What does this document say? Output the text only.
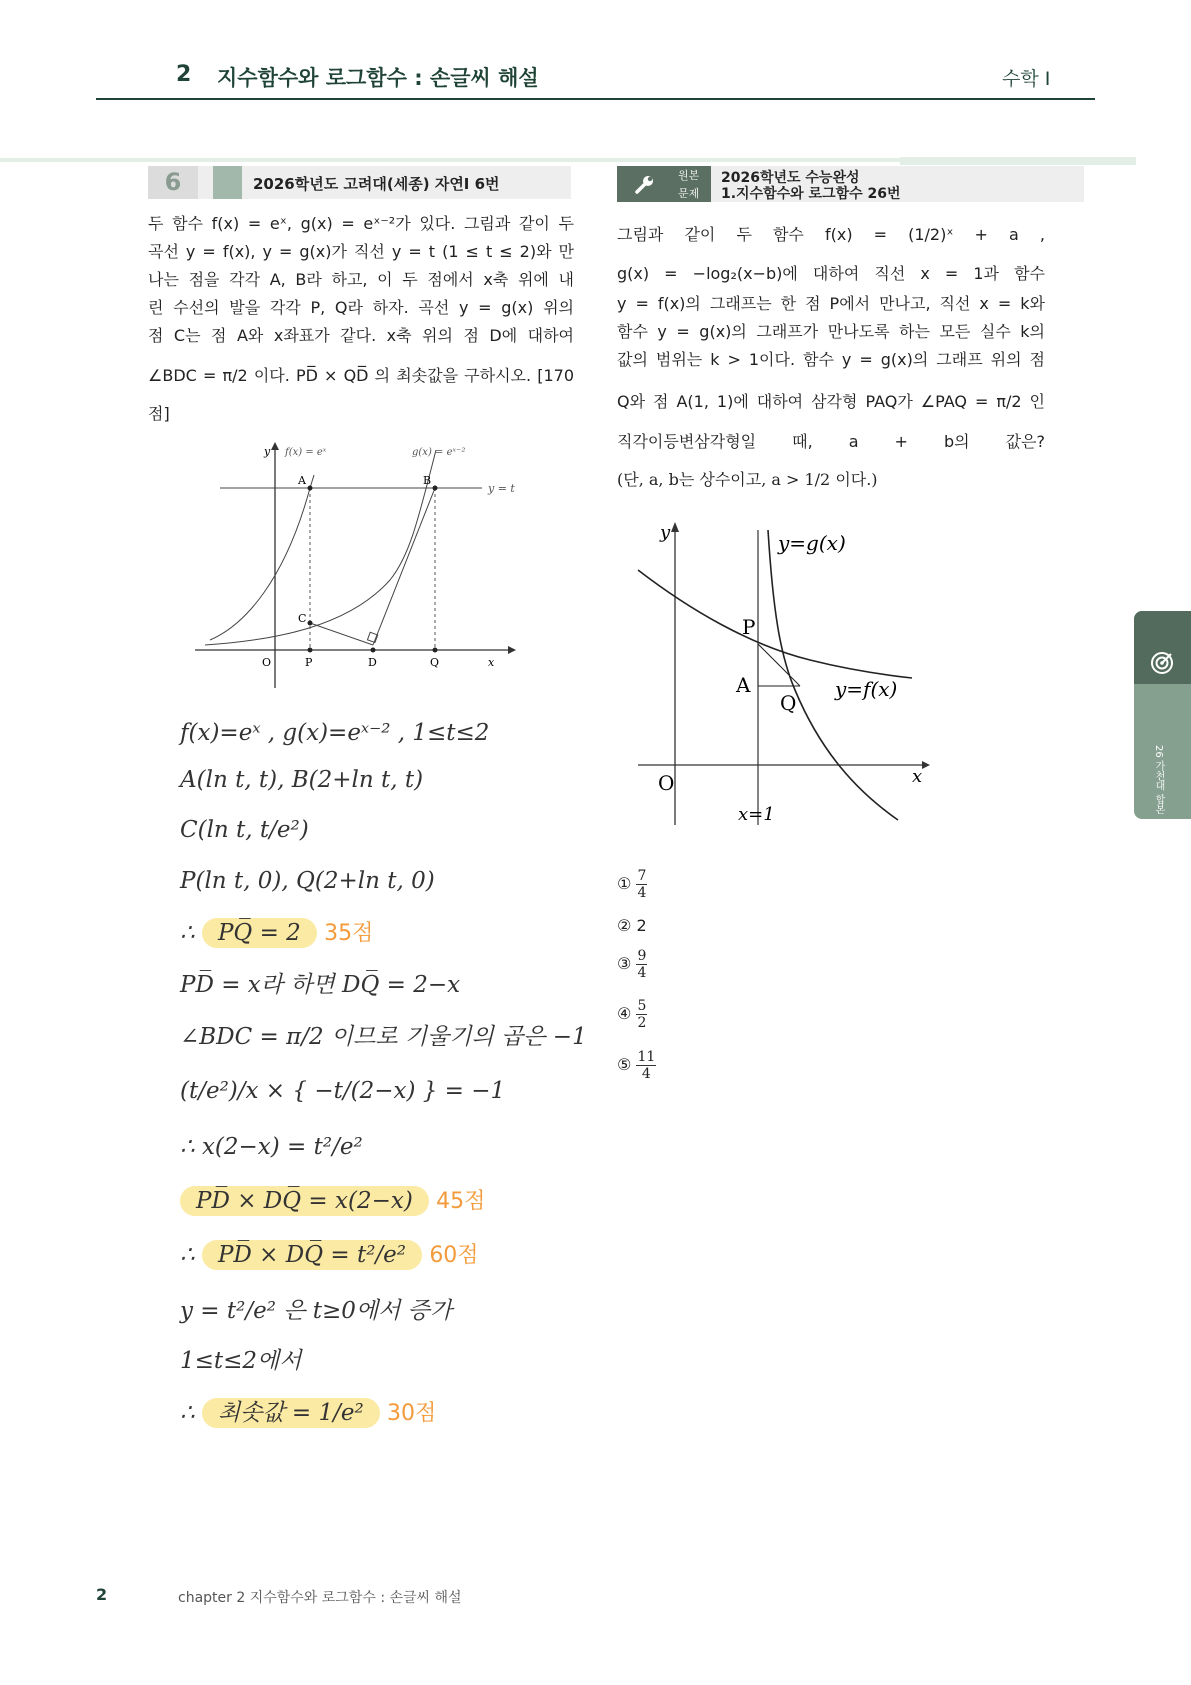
2 지수함수와 로그함수 : 손글씨 해설	수학 I
6	2026학년도 고려대(세종) 자연I 6번
두 함수 f(x) = eˣ, g(x) = eˣ⁻²가 있다. 그림과 같이 두
곡선 y = f(x), y = g(x)가 직선 y = t (1 ≤ t ≤ 2)와 만
나는 점을 각각 A, B라 하고, 이 두 점에서 x축 위에 내
린 수선의 발을 각각 P, Q라 하자. 곡선 y = g(x) 위의
점 C는 점 A와 x좌표가 같다. x축 위의 점 D에 대하여
∠BDC = π/2 이다. PD̅ × QD̅ 의 최솟값을 구하시오. [170
점]
y
x
f(x) = eˣ	g(x) = eˣ⁻²
y = t
A	B
C
O	P	D	Q
f(x)=eˣ , g(x)=eˣ⁻² , 1≤t≤2
A(ln t, t), B(2+ln t, t)
C(ln t, t/e²)
P(ln t, 0), Q(2+ln t, 0)
∴ PQ̅ = 2 35점
PD̅ = x라 하면 DQ̅ = 2−x
∠BDC = π/2 이므로 기울기의 곱은 −1
(t/e²)/x × { −t/(2−x) } = −1
∴ x(2−x) = t²/e²
PD̅ × DQ̅ = x(2−x) 45점
∴ PD̅ × DQ̅ = t²/e² 60점
y = t²/e² 은 t≥0에서 증가
1≤t≤2에서
∴ 최솟값 = 1/e² 30점
원본
문제
2026학년도 수능완성
1.지수함수와 로그함수 26번
그림과 같이 두 함수 f(x) = (1/2)ˣ + a ,
g(x) = −log₂(x−b)에 대하여 직선 x = 1과 함수
y = f(x)의 그래프는 한 점 P에서 만나고, 직선 x = k와
함수 y = g(x)의 그래프가 만나도록 하는 모든 실수 k의
값의 범위는 k > 1이다. 함수 y = g(x)의 그래프 위의 점
Q와 점 A(1, 1)에 대하여 삼각형 PAQ가 ∠PAQ = π/2 인
직각이등변삼각형일 때, a + b의 값은?
(단, a, b는 상수이고, a > 1/2 이다.)
y
x
y=g(x)
y=f(x)
P
A
Q
O
x=1
① $\frac{7}{4}$
② 2
③ $\frac{9}{4}$
④ $\frac{5}{2}$
⑤ $\frac{11}{4}$
26 가천대 합본
2	chapter 2 지수함수와 로그함수 : 손글씨 해설
